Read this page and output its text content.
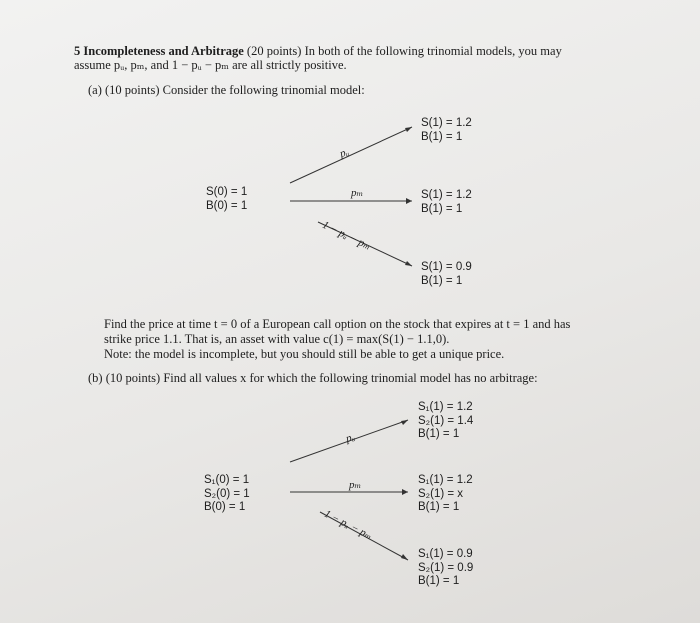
5 Incompleteness and Arbitrage (20 points) In both of the following trinomial models, you may
assume pᵤ, pₘ, and 1 − pᵤ − pₘ are all strictly positive.
(a) (10 points) Consider the following trinomial model:
S(0) = 1
B(0) = 1
pᵤ
pₘ
1 − pᵤ − pₘ
S(1) = 1.2
B(1) = 1
S(1) = 1.2
B(1) = 1
S(1) = 0.9
B(1) = 1
Find the price at time t = 0 of a European call option on the stock that expires at t = 1 and has
strike price 1.1. That is, an asset with value c(1) = max(S(1) − 1.1,0).
Note: the model is incomplete, but you should still be able to get a unique price.
(b) (10 points) Find all values x for which the following trinomial model has no arbitrage:
S₁(0) = 1
S₂(0) = 1
B(0) = 1
pᵤ
pₘ
1 − pᵤ − pₘ
S₁(1) = 1.2
S₂(1) = 1.4
B(1) = 1
S₁(1) = 1.2
S₂(1) = x
B(1) = 1
S₁(1) = 0.9
S₂(1) = 0.9
B(1) = 1
